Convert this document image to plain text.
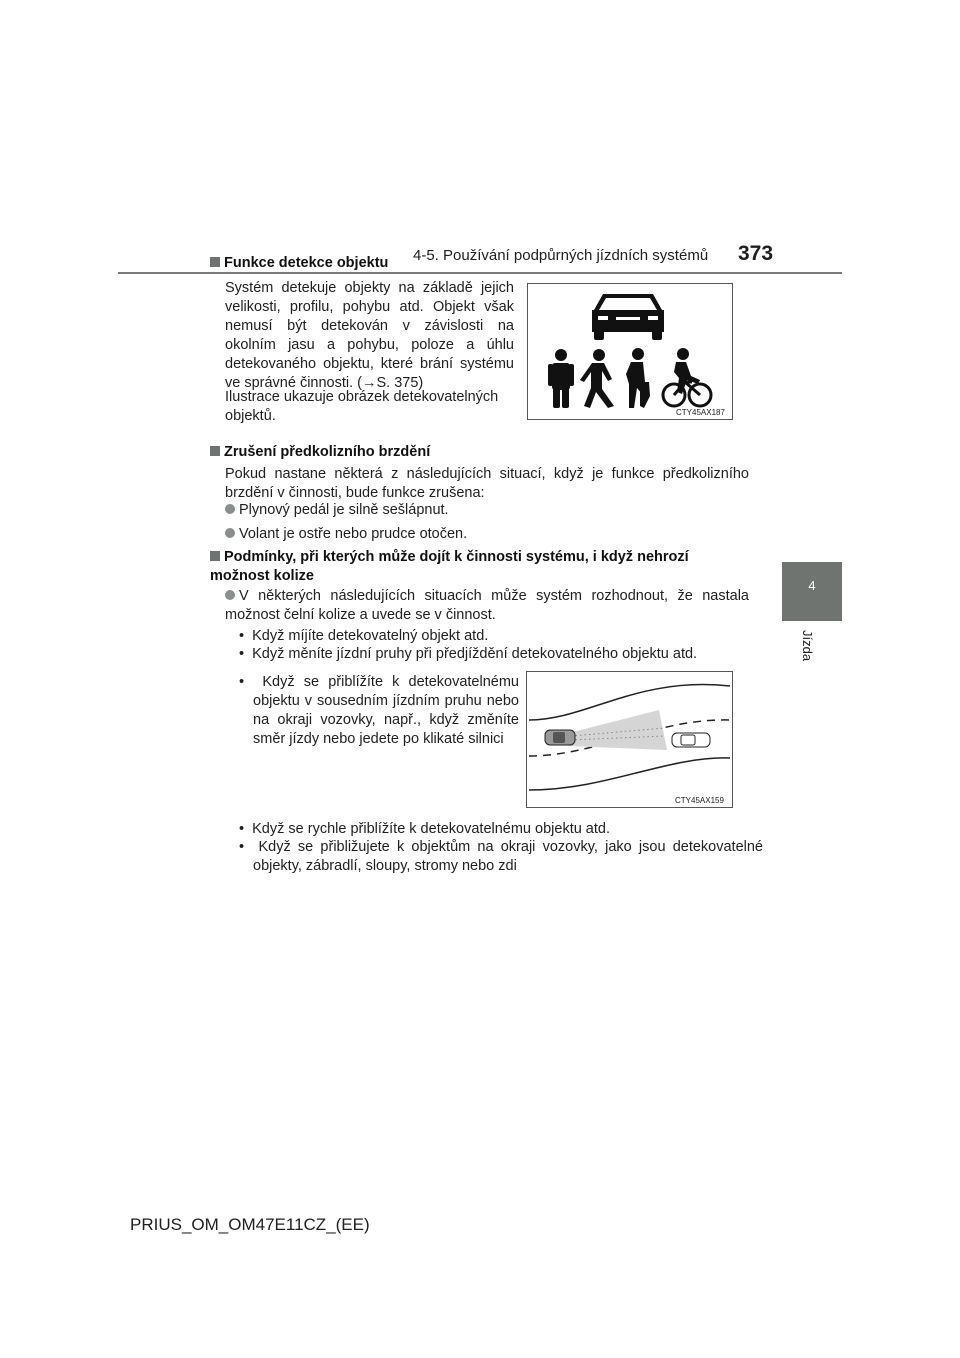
4-5. Používání podpůrných jízdních systémů 373
4
Jízda
Funkce detekce objektu
Systém detekuje objekty na základě jejich velikosti, profilu, pohybu atd. Objekt však nemusí být detekován v závislosti na okolním jasu a pohybu, poloze a úhlu detekovaného objektu, které brání systému ve správné činnosti. (→S. 375)
Ilustrace ukazuje obrázek detekovatelných objektů.	CTY45AX187
Zrušení předkolizního brzdění
Pokud nastane některá z následujících situací, když je funkce předkolizního brzdění v činnosti, bude funkce zrušena:
Plynový pedál je silně sešlápnut.
Volant je ostře nebo prudce otočen.
Podmínky, při kterých může dojít k činnosti systému, i když nehrozí možnost kolize
V některých následujících situacích může systém rozhodnout, že nastala možnost čelní kolize a uvede se v činnost.
•  Když míjíte detekovatelný objekt atd.
•  Když měníte jízdní pruhy při předjíždění detekovatelného objektu atd.
•  Když se přiblížíte k detekovatelnému objektu v sousedním jízdním pruhu nebo na okraji vozovky, např., když změníte směr jízdy nebo jedete po klikaté silnici
CTY45AX159
•  Když se rychle přiblížíte k detekovatelnému objektu atd.
•  Když se přibližujete k objektům na okraji vozovky, jako jsou detekovatelné objekty, zábradlí, sloupy, stromy nebo zdi
PRIUS_OM_OM47E11CZ_(EE)
